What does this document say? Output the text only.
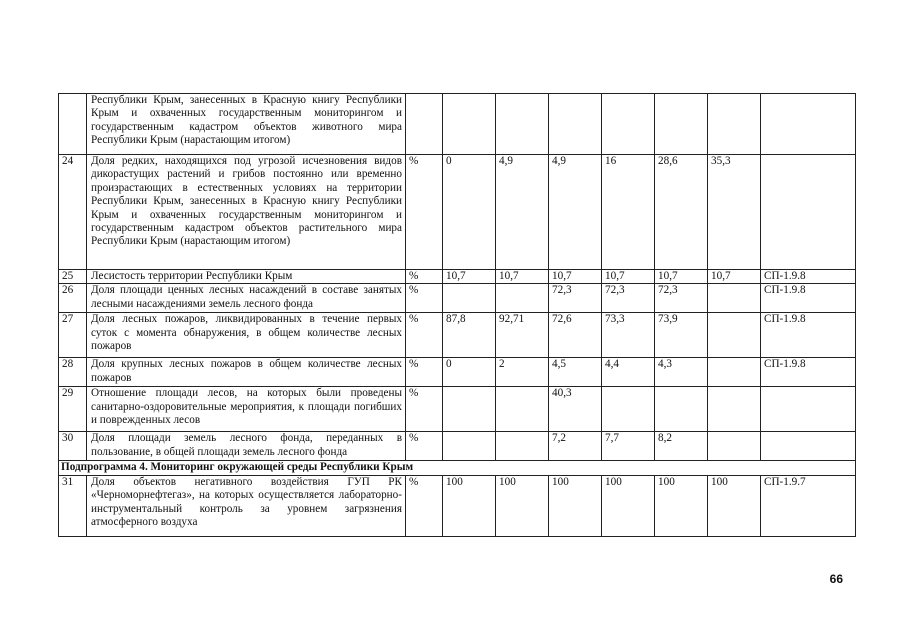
	Республики Крым, занесенных в Красную книгу Республики Крым и охваченных государственным мониторингом и государственным кадастром объектов животного мира Республики Крым (нарастающим итогом)								
24	Доля редких, находящихся под угрозой исчезновения видов дикорастущих растений и грибов постоянно или временно произрастающих в естественных условиях на территории Республики Крым, занесенных в Красную книгу Республики Крым и охваченных государственным мониторингом и государственным кадастром объектов растительного мира Республики Крым (нарастающим итогом)	%	0	4,9	4,9	16	28,6	35,3	
25	Лесистость территории Республики Крым	%	10,7	10,7	10,7	10,7	10,7	10,7	СП-1.9.8
26	Доля площади ценных лесных насаждений в составе занятых лесными насаждениями земель лесного фонда	%			72,3	72,3	72,3		СП-1.9.8
27	Доля лесных пожаров, ликвидированных в течение первых суток с момента обнаружения, в общем количестве лесных пожаров	%	87,8	92,71	72,6	73,3	73,9		СП-1.9.8
28	Доля крупных лесных пожаров в общем количестве лесных пожаров	%	0	2	4,5	4,4	4,3		СП-1.9.8
29	Отношение площади лесов, на которых были проведены санитарно-оздоровительные мероприятия, к площади погибших и поврежденных лесов	%			40,3				
30	Доля площади земель лесного фонда, переданных в пользование, в общей площади земель лесного фонда	%			7,2	7,7	8,2		
Подпрограмма 4. Мониторинг окружающей среды Республики Крым									
31	Доля объектов негативного воздействия ГУП РК «Черноморнефтегаз», на которых осуществляется лабораторно-инструментальный контроль за уровнем загрязнения атмосферного воздуха	%	100	100	100	100	100	100	СП-1.9.7
66
